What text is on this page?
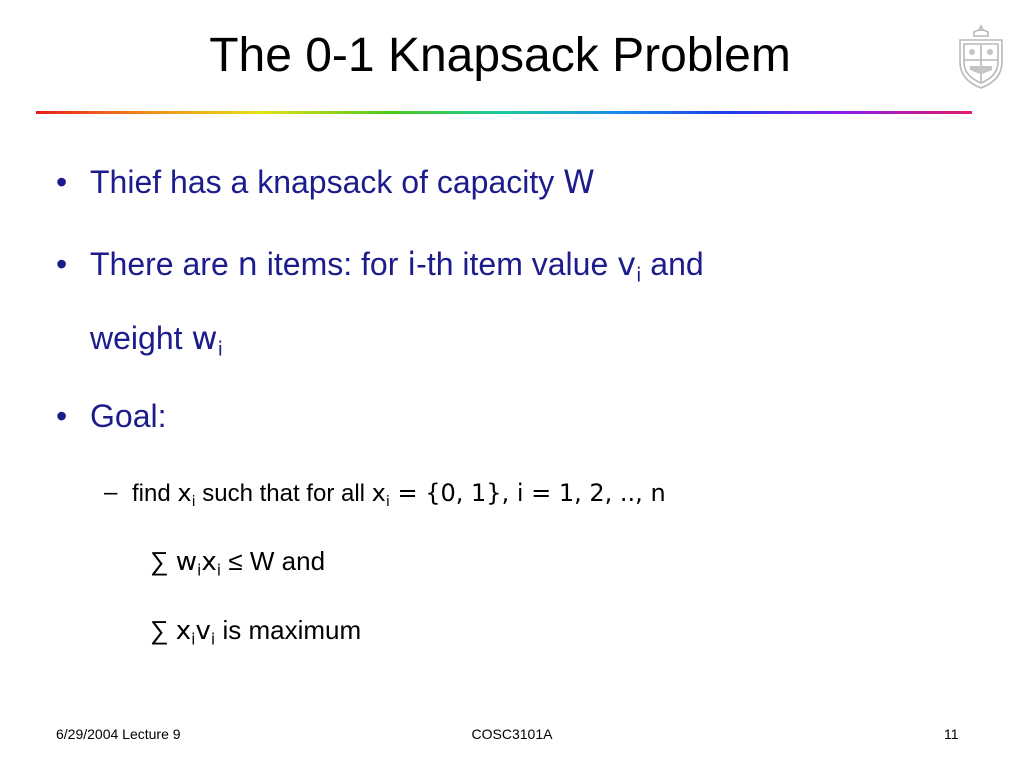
The 0-1 Knapsack Problem
• Thief has a knapsack of capacity W
• There are n items: for i-th item value $v_i$ and
weight $w_i$
• Goal:
– find $x_i$ such that for all $x_i = \{0$, 1}, i = 1, 2, .., n
∑ $w_ix_i \le W$ and
∑ $x_iv_i$ is maximum
6/29/2004 Lecture 9	COSC3101A	11
